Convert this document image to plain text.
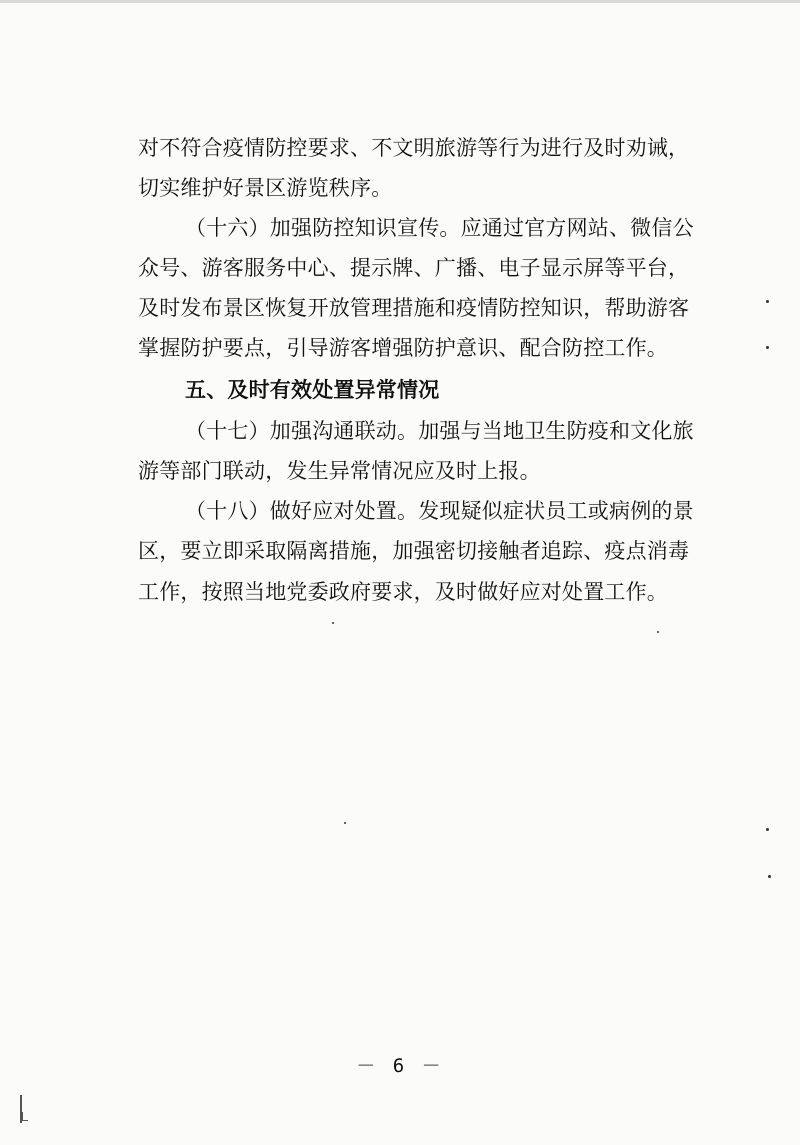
对不符合疫情防控要求、不文明旅游等行为进行及时劝诫，
切实维护好景区游览秩序。
（十六）加强防控知识宣传。应通过官方网站、微信公
众号、游客服务中心、提示牌、广播、电子显示屏等平台，
及时发布景区恢复开放管理措施和疫情防控知识，帮助游客
掌握防护要点，引导游客增强防护意识、配合防控工作。
五、及时有效处置异常情况
（十七）加强沟通联动。加强与当地卫生防疫和文化旅
游等部门联动，发生异常情况应及时上报。
（十八）做好应对处置。发现疑似症状员工或病例的景
区，要立即采取隔离措施，加强密切接触者追踪、疫点消毒
工作，按照当地党委政府要求，及时做好应对处置工作。
－ 6 －
